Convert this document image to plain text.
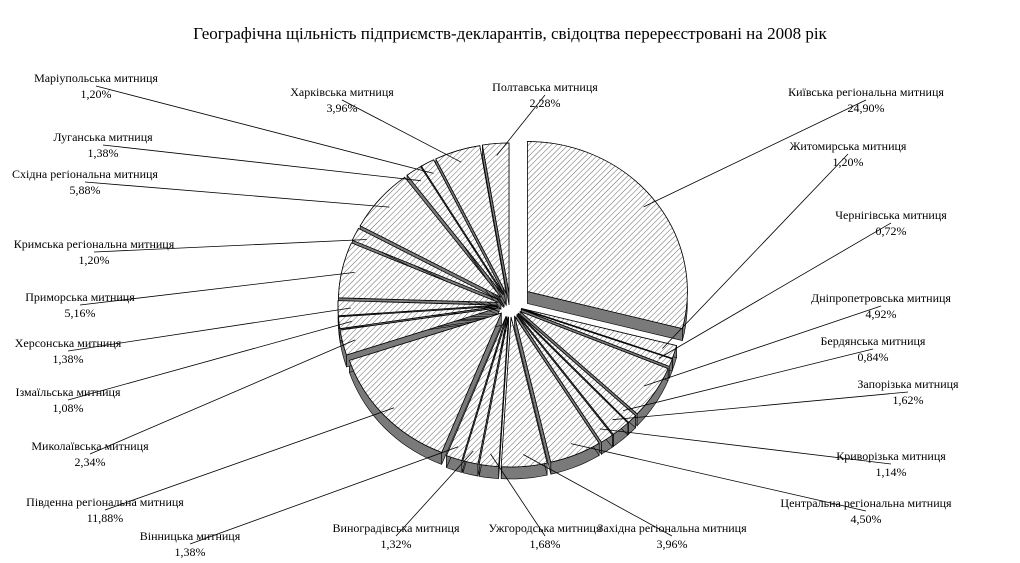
Географічна щільність підприємств-декларантів, свідоцтва перереєстровані на 2008 рік
Київська регіональна митниця
24,90%
Житомирська митниця
1,20%
Чернігівська митниця
0,72%
Дніпропетровська митниця
4,92%
Бердянська митниця
0,84%
Запорізька митниця
1,62%
Криворізька митниця
1,14%
Центральна регіональна митниця
4,50%
Західна регіональна митниця
3,96%
Ужгородська митниця
1,68%
Виноградівська митниця
1,32%
Вінницька митниця
1,38%
Південна регіональна митниця
11,88%
Миколаївська митниця
2,34%
Ізмаїльська митниця
1,08%
Херсонська митниця
1,38%
Приморська митниця
5,16%
Кримська регіональна митниця
1,20%
Східна регіональна митниця
5,88%
Луганська митниця
1,38%
Маріупольська митниця
1,20%	Харківська митниця
3,96%
Полтавська митниця
2,28%
